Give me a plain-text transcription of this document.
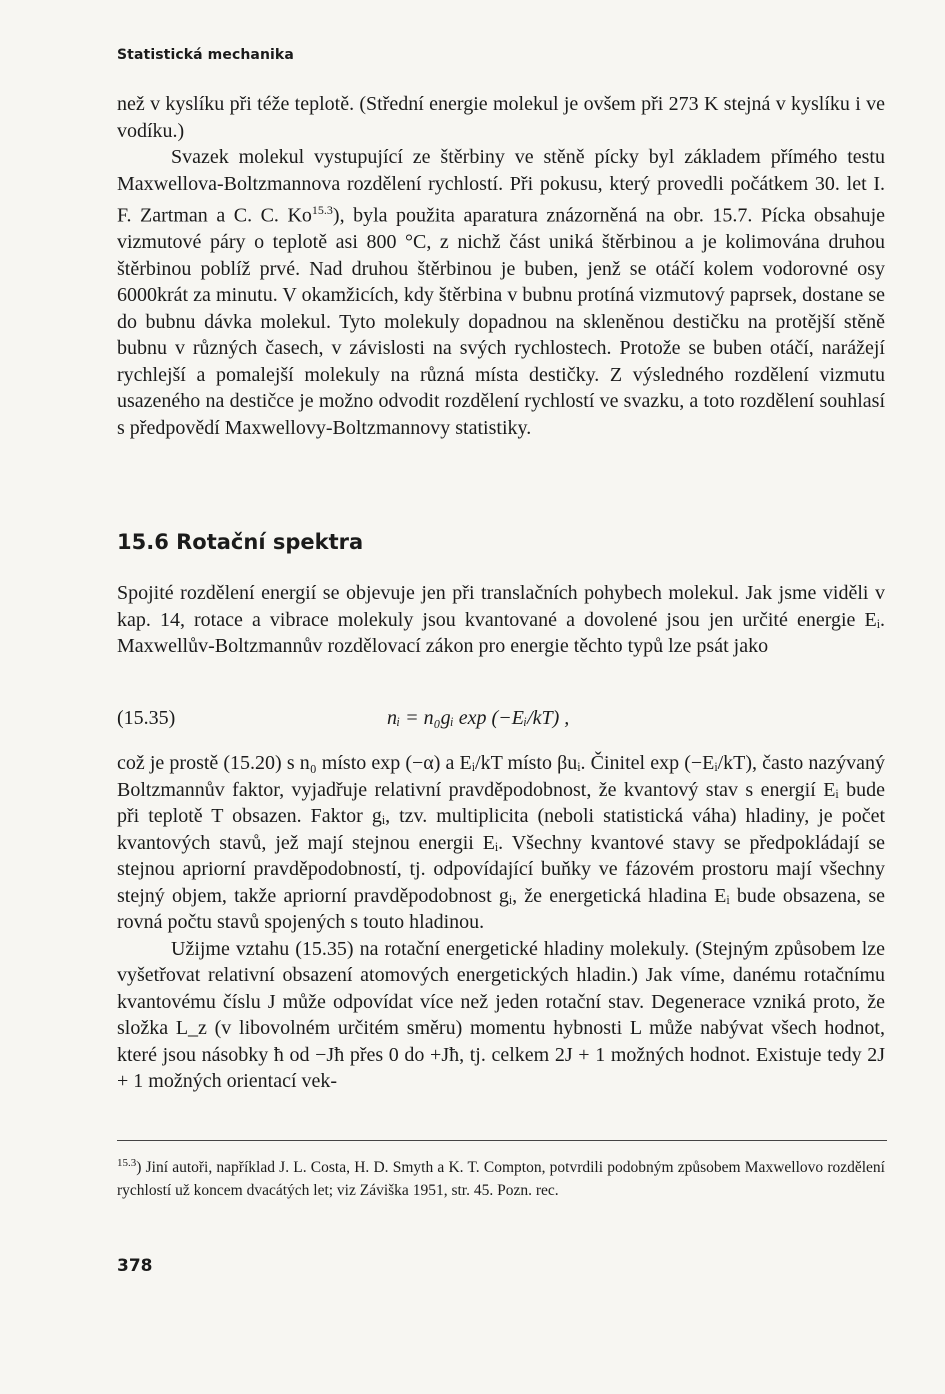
Statistická mechanika

než v kyslíku při téže teplotě. (Střední energie molekul je ovšem při 273 K stejná v kyslíku i ve vodíku.)

Svazek molekul vystupující ze štěrbiny ve stěně pícky byl základem přímého testu Maxwellova-Boltzmannova rozdělení rychlostí. Při pokusu, který provedli počátkem 30. let I. F. Zartman a C. C. $Ko^{15.3}$), byla použita aparatura znázorněná na obr. 15.7. Pícka obsahuje vizmutové páry o teplotě asi 800 °C, z nichž část uniká štěrbinou a je kolimována druhou štěrbinou poblíž prvé. Nad druhou štěrbinou je buben, jenž se otáčí kolem vodorovné osy 6000krát za minutu. V okamžicích, kdy štěrbina v bubnu protíná vizmutový paprsek, dostane se do bubnu dávka molekul. Tyto molekuly dopadnou na skleněnou destičku na protější stěně bubnu v různých časech, v závislosti na svých rychlostech. Protože se buben otáčí, narážejí rychlejší a pomalejší molekuly na různá místa destičky. Z výsledného rozdělení vizmutu usazeného na destičce je možno odvodit rozdělení rychlostí ve svazku, a toto rozdělení souhlasí s předpovědí Maxwellovy-Boltzmannovy statistiky.

15.6 Rotační spektra

Spojité rozdělení energií se objevuje jen při translačních pohybech molekul. Jak jsme viděli v kap. 14, rotace a vibrace molekuly jsou kvantované a dovolené jsou jen určité energie Eᵢ. Maxwellův-Boltzmannův rozdělovací zákon pro energie těchto typů lze psát jako

(15.35)	nᵢ = n₀gᵢ exp (−Eᵢ/kT) ,

což je prostě (15.20) s n₀ místo exp (−α) a Eᵢ/kT místo βuᵢ. Činitel exp (−Eᵢ/kT), často nazývaný Boltzmannův faktor, vyjadřuje relativní pravděpodobnost, že kvantový stav s energií Eᵢ bude při teplotě T obsazen. Faktor gᵢ, tzv. multiplicita (neboli statistická váha) hladiny, je počet kvantových stavů, jež mají stejnou energii Eᵢ. Všechny kvantové stavy se předpokládají se stejnou apriorní pravděpodobností, tj. odpovídající buňky ve fázovém prostoru mají všechny stejný objem, takže apriorní pravděpodobnost gᵢ, že energetická hladina Eᵢ bude obsazena, se rovná počtu stavů spojených s touto hladinou.

Užijme vztahu (15.35) na rotační energetické hladiny molekuly. (Stejným způsobem lze vyšetřovat relativní obsazení atomových energetických hladin.) Jak víme, danému rotačnímu kvantovému číslu J může odpovídat více než jeden rotační stav. Degenerace vzniká proto, že složka L_z (v libovolném určitém směru) momentu hybnosti L může nabývat všech hodnot, které jsou násobky ħ od −Jħ přes 0 do +Jħ, tj. celkem 2J + 1 možných hodnot. Existuje tedy 2J + 1 možných orientací vek-

$^{15.3}$) Jiní autoři, například J. L. Costa, H. D. Smyth a K. T. Compton, potvrdili podobným způsobem Maxwellovo rozdělení rychlostí už koncem dvacátých let; viz Záviška 1951, str. 45. Pozn. rec.

378
